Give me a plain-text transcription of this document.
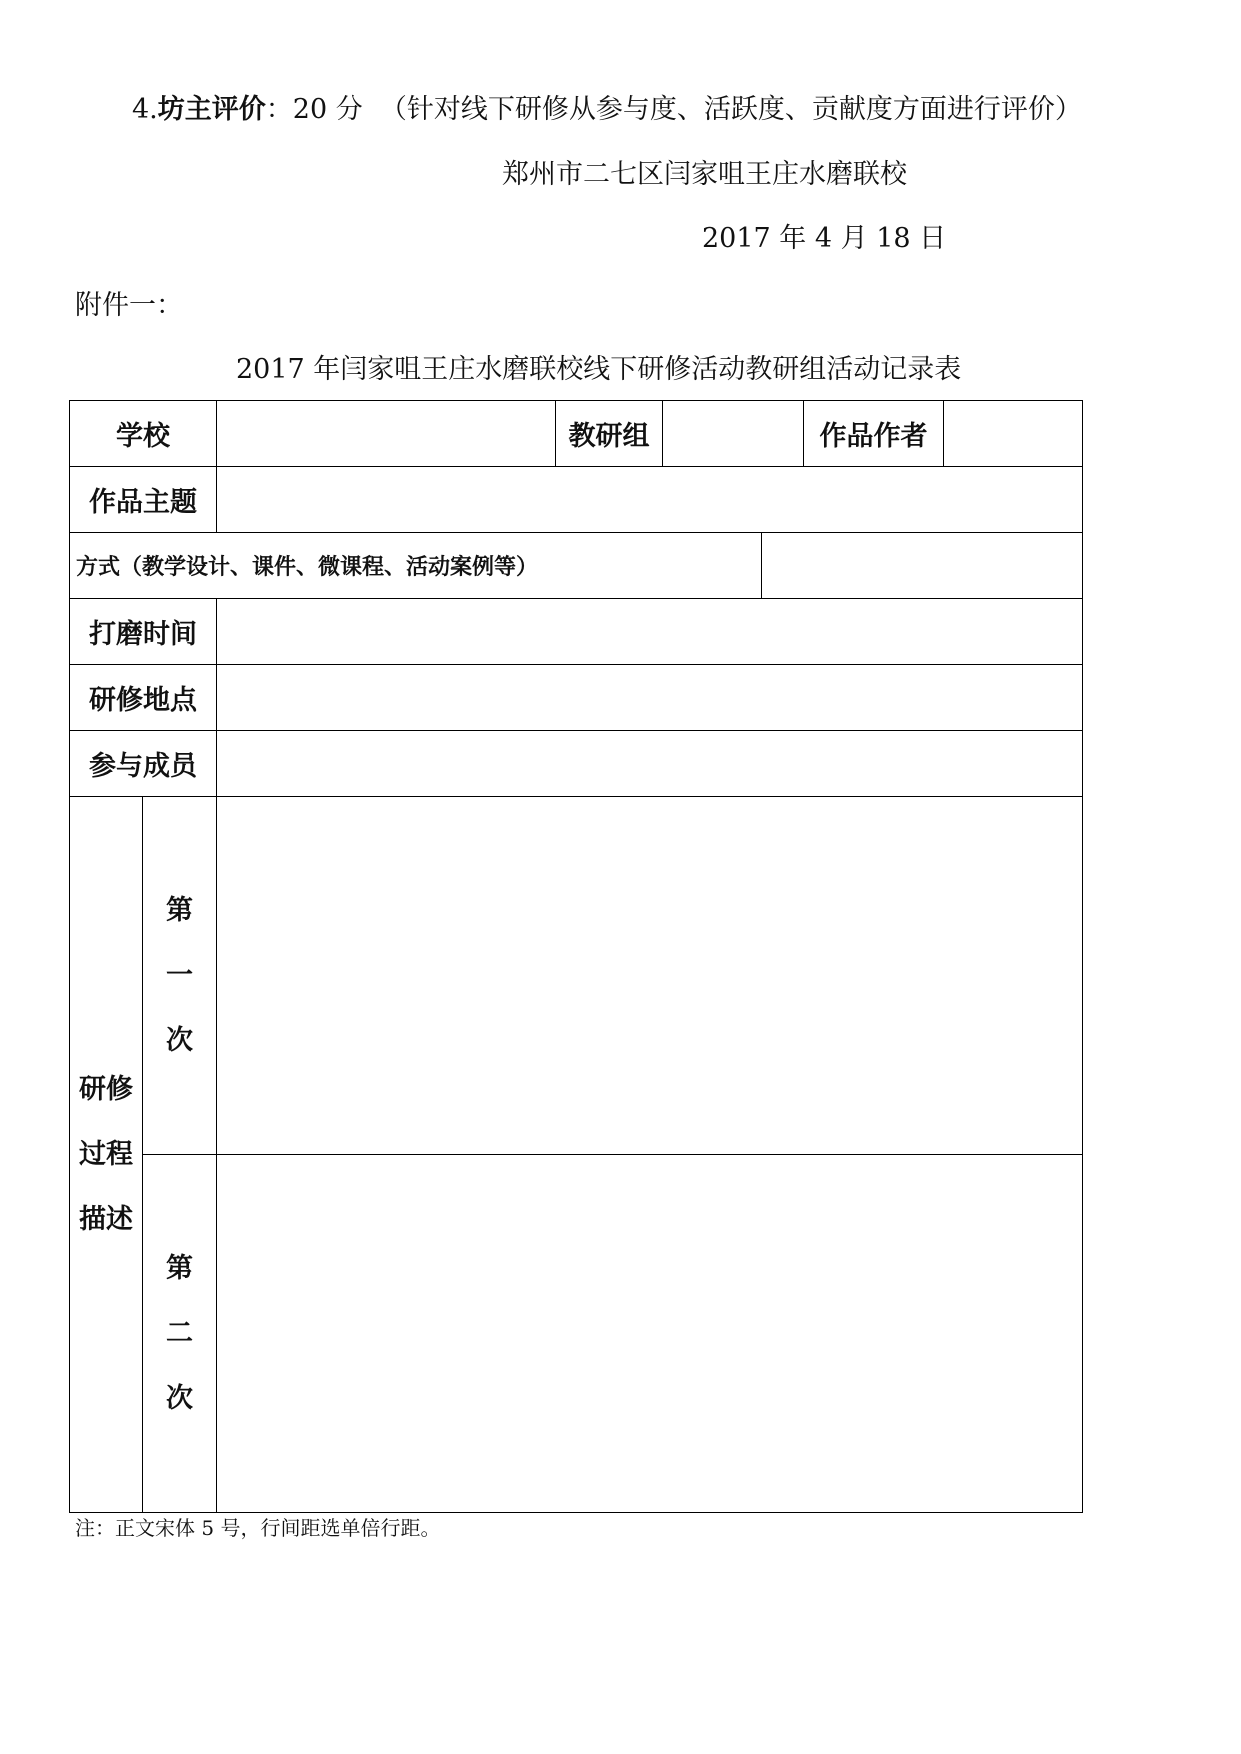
4.坊主评价：20 分 （针对线下研修从参与度、活跃度、贡献度方面进行评价）
郑州市二七区闫家咀王庄水磨联校
2017 年 4 月 18 日
附件一：
2017 年闫家咀王庄水磨联校线下研修活动教研组活动记录表
学校			教研组			作品作者	
作品主题							
方式（教学设计、课件、微课程、活动案例等）							
打磨时间							
研修地点							
参与成员							
研修过程描述	第一次						
	第二次						
注：正文宋体 5 号，行间距选单倍行距。
